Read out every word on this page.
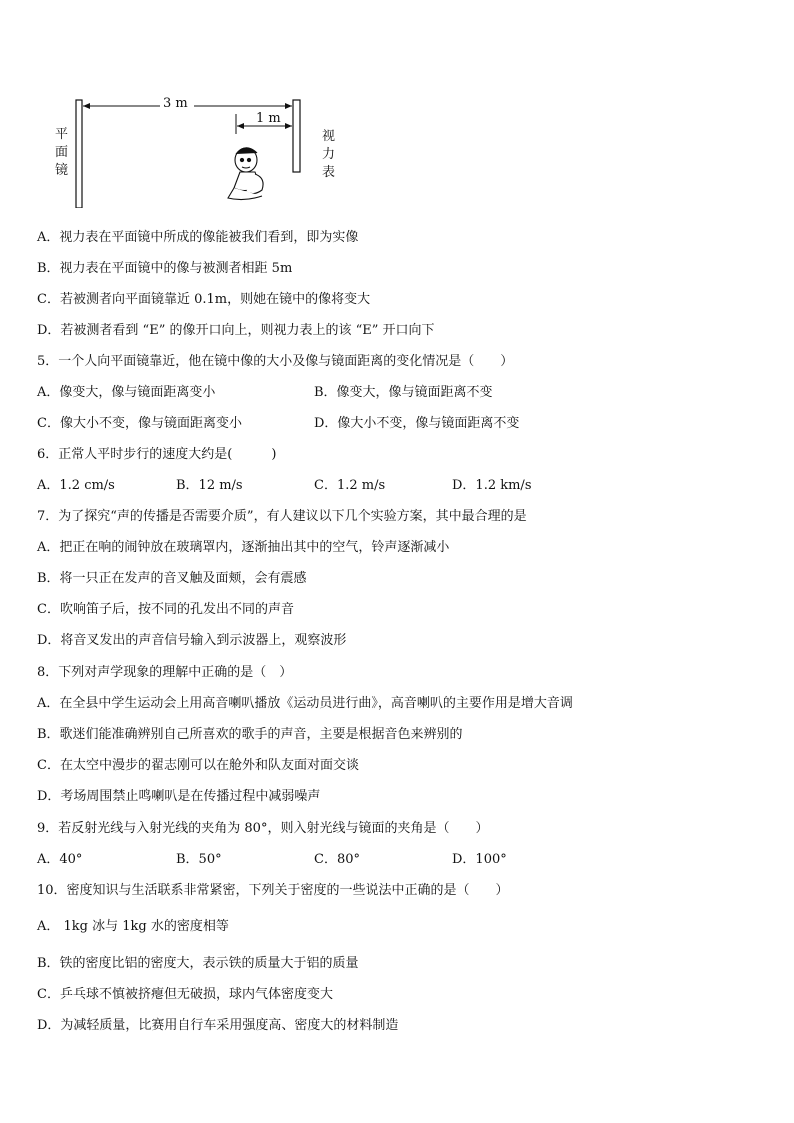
3 m
1 m
平
面
镜
视
力
表
A．视力表在平面镜中所成的像能被我们看到，即为实像
B．视力表在平面镜中的像与被测者相距 5m
C．若被测者向平面镜靠近 0.1m，则她在镜中的像将变大
D．若被测者看到 “E” 的像开口向上，则视力表上的该 “E” 开口向下
5．一个人向平面镜靠近，他在镜中像的大小及像与镜面距离的变化情况是（　　）
A．像变大，像与镜面距离变小	B．像变大，像与镜面距离不变
C．像大小不变，像与镜面距离变小	D．像大小不变，像与镜面距离不变
6．正常人平时步行的速度大约是(　　　)
A．1.2 cm/s	B．12 m/s	C．1.2 m/s	D．1.2 km/s
7．为了探究“声的传播是否需要介质”，有人建议以下几个实验方案，其中最合理的是
A．把正在响的闹钟放在玻璃罩内，逐渐抽出其中的空气，铃声逐渐减小
B．将一只正在发声的音叉触及面颊，会有震感
C．吹响笛子后，按不同的孔发出不同的声音
D．将音叉发出的声音信号输入到示波器上，观察波形
8．下列对声学现象的理解中正确的是（　）
A．在全县中学生运动会上用高音喇叭播放《运动员进行曲》，高音喇叭的主要作用是增大音调
B．歌迷们能准确辨别自己所喜欢的歌手的声音，主要是根据音色来辨别的
C．在太空中漫步的翟志刚可以在舱外和队友面对面交谈
D．考场周围禁止鸣喇叭是在传播过程中减弱噪声
9．若反射光线与入射光线的夹角为 80°，则入射光线与镜面的夹角是（　　）
A．40°	B．50°	C．80°	D．100°
10．密度知识与生活联系非常紧密，下列关于密度的一些说法中正确的是（　　）
A． 1kg 冰与 1kg 水的密度相等
B．铁的密度比铝的密度大，表示铁的质量大于铝的质量
C．乒乓球不慎被挤瘪但无破损，球内气体密度变大
D．为减轻质量，比赛用自行车采用强度高、密度大的材料制造
